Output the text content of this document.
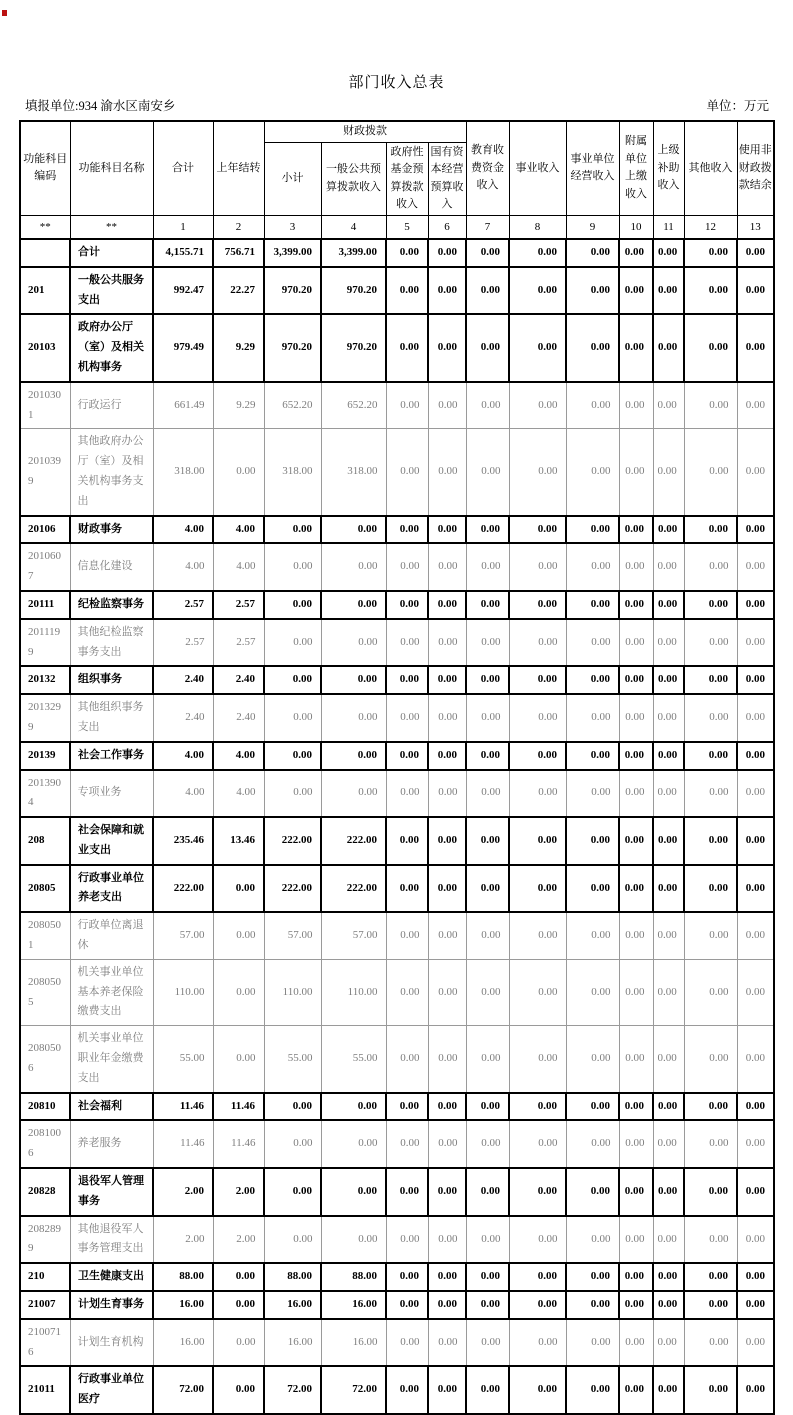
部门收入总表
填报单位:934 渝水区南安乡	单位：万元
功能科目编码	功能科目名称	合计	上年结转	财政拨款				教育收费资金收入	事业收入	事业单位经营收入	附属单位上缴收入	上级补助收入	其他收入	使用非财政拨款结余
				小计	一般公共预算拨款收入	政府性基金预算拨款收入	国有资本经营预算收入							
**	**	1	2	3	4	5	6	7	8	9	10	11	12	13
	合计	4,155.71	756.71	3,399.00	3,399.00	0.00	0.00	0.00	0.00	0.00	0.00	0.00	0.00	0.00
201	一般公共服务支出	992.47	22.27	970.20	970.20	0.00	0.00	0.00	0.00	0.00	0.00	0.00	0.00	0.00
20103	政府办公厅（室）及相关机构事务	979.49	9.29	970.20	970.20	0.00	0.00	0.00	0.00	0.00	0.00	0.00	0.00	0.00
2010301	行政运行	661.49	9.29	652.20	652.20	0.00	0.00	0.00	0.00	0.00	0.00	0.00	0.00	0.00
2010399	其他政府办公厅（室）及相关机构事务支出	318.00	0.00	318.00	318.00	0.00	0.00	0.00	0.00	0.00	0.00	0.00	0.00	0.00
20106	财政事务	4.00	4.00	0.00	0.00	0.00	0.00	0.00	0.00	0.00	0.00	0.00	0.00	0.00
2010607	信息化建设	4.00	4.00	0.00	0.00	0.00	0.00	0.00	0.00	0.00	0.00	0.00	0.00	0.00
20111	纪检监察事务	2.57	2.57	0.00	0.00	0.00	0.00	0.00	0.00	0.00	0.00	0.00	0.00	0.00
2011199	其他纪检监察事务支出	2.57	2.57	0.00	0.00	0.00	0.00	0.00	0.00	0.00	0.00	0.00	0.00	0.00
20132	组织事务	2.40	2.40	0.00	0.00	0.00	0.00	0.00	0.00	0.00	0.00	0.00	0.00	0.00
2013299	其他组织事务支出	2.40	2.40	0.00	0.00	0.00	0.00	0.00	0.00	0.00	0.00	0.00	0.00	0.00
20139	社会工作事务	4.00	4.00	0.00	0.00	0.00	0.00	0.00	0.00	0.00	0.00	0.00	0.00	0.00
2013904	专项业务	4.00	4.00	0.00	0.00	0.00	0.00	0.00	0.00	0.00	0.00	0.00	0.00	0.00
208	社会保障和就业支出	235.46	13.46	222.00	222.00	0.00	0.00	0.00	0.00	0.00	0.00	0.00	0.00	0.00
20805	行政事业单位养老支出	222.00	0.00	222.00	222.00	0.00	0.00	0.00	0.00	0.00	0.00	0.00	0.00	0.00
2080501	行政单位离退休	57.00	0.00	57.00	57.00	0.00	0.00	0.00	0.00	0.00	0.00	0.00	0.00	0.00
2080505	机关事业单位基本养老保险缴费支出	110.00	0.00	110.00	110.00	0.00	0.00	0.00	0.00	0.00	0.00	0.00	0.00	0.00
2080506	机关事业单位职业年金缴费支出	55.00	0.00	55.00	55.00	0.00	0.00	0.00	0.00	0.00	0.00	0.00	0.00	0.00
20810	社会福利	11.46	11.46	0.00	0.00	0.00	0.00	0.00	0.00	0.00	0.00	0.00	0.00	0.00
2081006	养老服务	11.46	11.46	0.00	0.00	0.00	0.00	0.00	0.00	0.00	0.00	0.00	0.00	0.00
20828	退役军人管理事务	2.00	2.00	0.00	0.00	0.00	0.00	0.00	0.00	0.00	0.00	0.00	0.00	0.00
2082899	其他退役军人事务管理支出	2.00	2.00	0.00	0.00	0.00	0.00	0.00	0.00	0.00	0.00	0.00	0.00	0.00
210	卫生健康支出	88.00	0.00	88.00	88.00	0.00	0.00	0.00	0.00	0.00	0.00	0.00	0.00	0.00
21007	计划生育事务	16.00	0.00	16.00	16.00	0.00	0.00	0.00	0.00	0.00	0.00	0.00	0.00	0.00
2100716	计划生育机构	16.00	0.00	16.00	16.00	0.00	0.00	0.00	0.00	0.00	0.00	0.00	0.00	0.00
21011	行政事业单位医疗	72.00	0.00	72.00	72.00	0.00	0.00	0.00	0.00	0.00	0.00	0.00	0.00	0.00
